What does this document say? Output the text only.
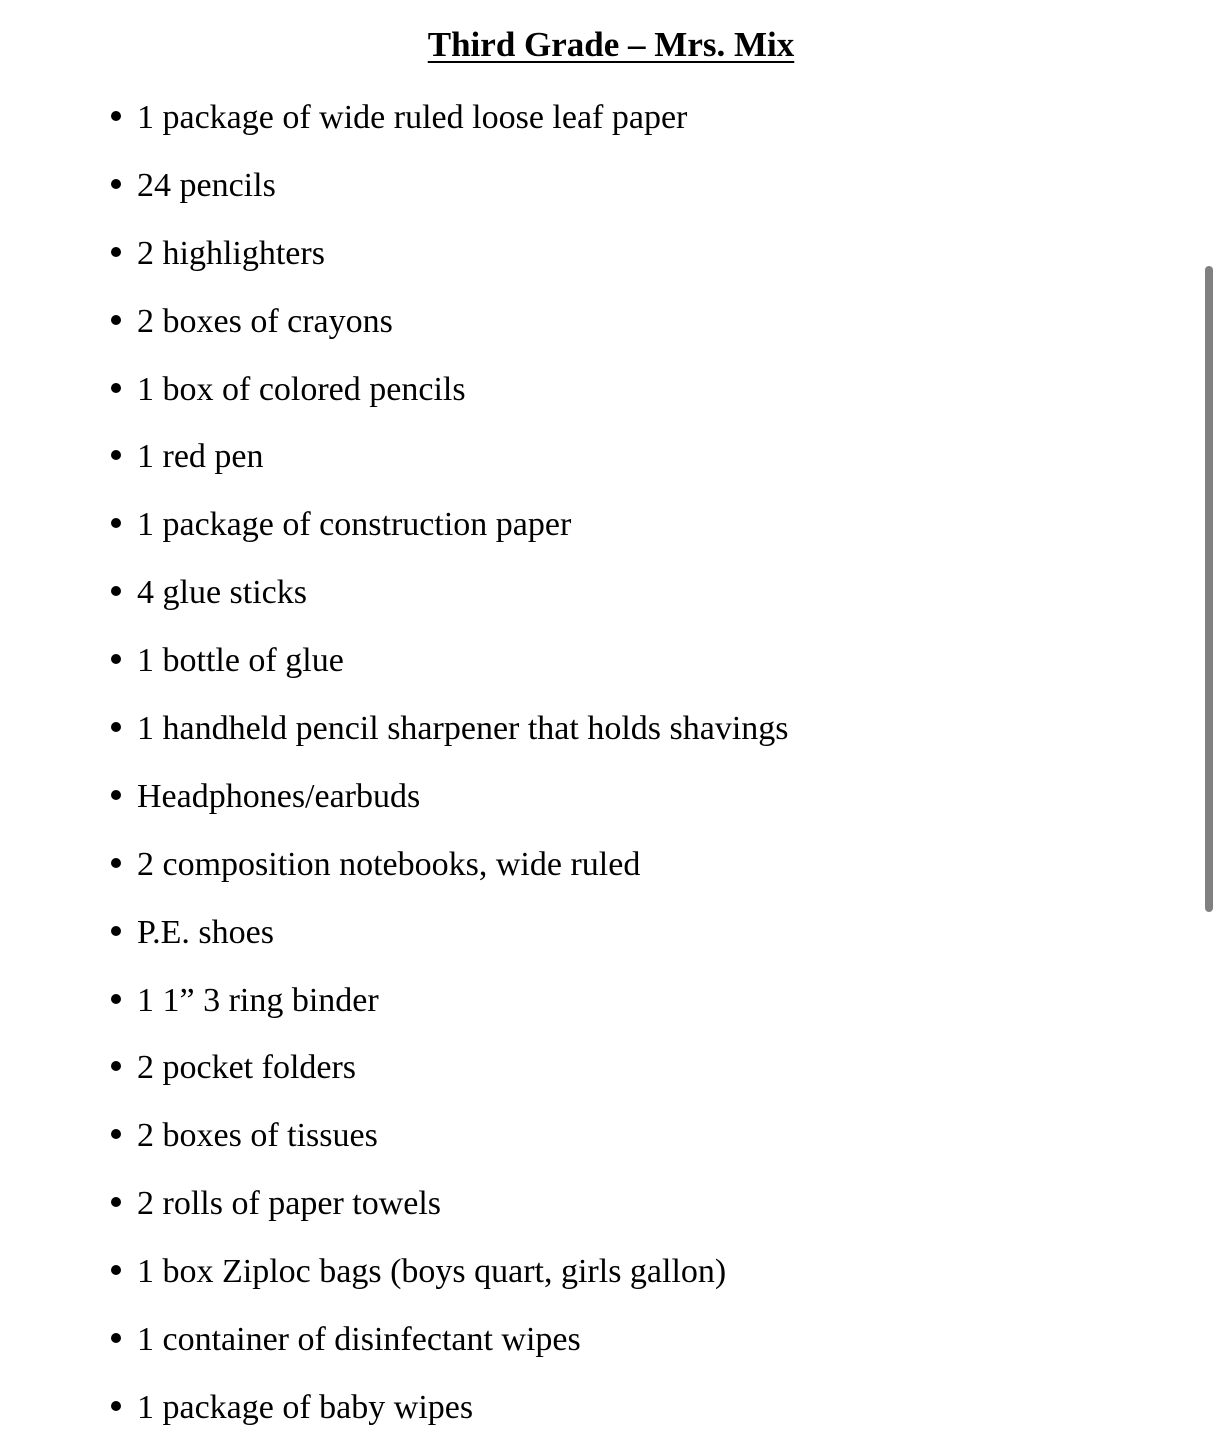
Third Grade – Mrs. Mix
1 package of wide ruled loose leaf paper
24 pencils
2 highlighters
2 boxes of crayons
1 box of colored pencils
1 red pen
1 package of construction paper
4 glue sticks
1 bottle of glue
1 handheld pencil sharpener that holds shavings
Headphones/earbuds
2 composition notebooks, wide ruled
P.E. shoes
1 1” 3 ring binder
2 pocket folders
2 boxes of tissues
2 rolls of paper towels
1 box Ziploc bags (boys quart, girls gallon)
1 container of disinfectant wipes
1 package of baby wipes
